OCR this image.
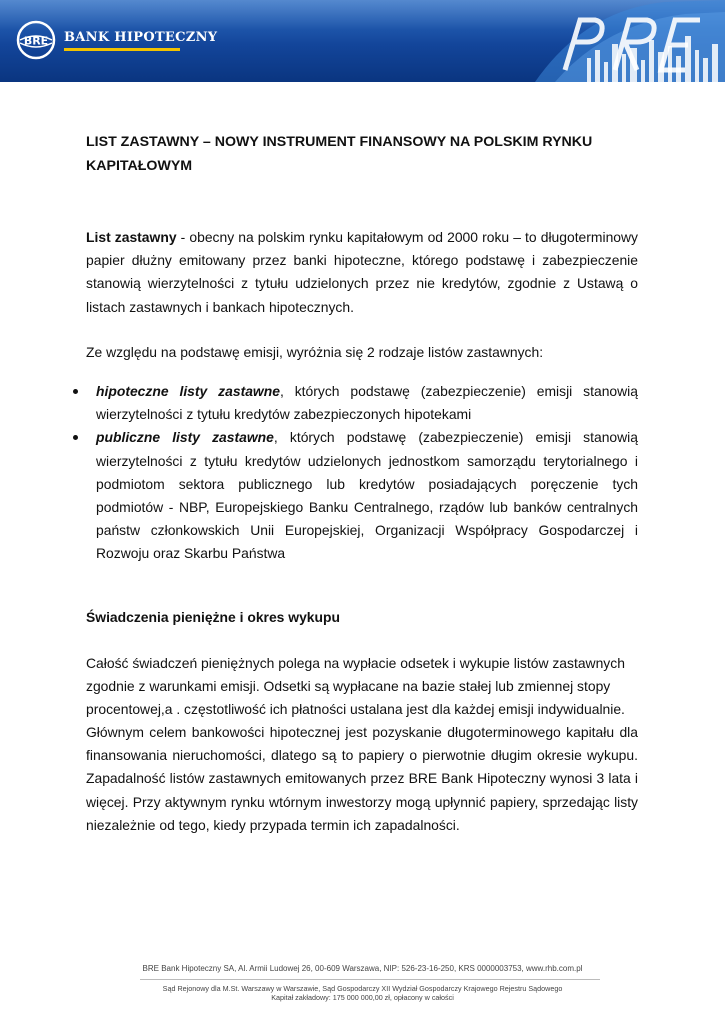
BRE BANK HIPOTECZNY
LIST ZASTAWNY – NOWY INSTRUMENT FINANSOWY NA POLSKIM RYNKU KAPITAŁOWYM
List zastawny - obecny na polskim rynku kapitałowym od 2000 roku – to długoterminowy papier dłużny emitowany przez banki hipoteczne, którego podstawę i zabezpieczenie stanowią wierzytelności z tytułu udzielonych przez nie kredytów, zgodnie z Ustawą o listach zastawnych i bankach hipotecznych.
Ze względu na podstawę emisji, wyróżnia się 2 rodzaje listów zastawnych:
hipoteczne listy zastawne, których podstawę (zabezpieczenie) emisji stanowią wierzytelności z tytułu kredytów zabezpieczonych hipotekami
publiczne listy zastawne, których podstawę (zabezpieczenie) emisji stanowią wierzytelności z tytułu kredytów udzielonych jednostkom samorządu terytorialnego i podmiotom sektora publicznego lub kredytów posiadających poręczenie tych podmiotów - NBP, Europejskiego Banku Centralnego, rządów lub banków centralnych państw członkowskich Unii Europejskiej, Organizacji Współpracy Gospodarczej i Rozwoju oraz Skarbu Państwa
Świadczenia pieniężne i okres wykupu
Całość świadczeń pieniężnych polega na wypłacie odsetek i wykupie listów zastawnych zgodnie z warunkami emisji. Odsetki są wypłacane na bazie stałej lub zmiennej stopy procentowej,a . częstotliwość ich płatności ustalana jest dla każdej emisji indywidualnie.
Głównym celem bankowości hipotecznej jest pozyskanie długoterminowego kapitału dla finansowania nieruchomości, dlatego są to papiery o pierwotnie długim okresie wykupu. Zapadalność listów zastawnych emitowanych przez BRE Bank Hipoteczny wynosi 3 lata i więcej. Przy aktywnym rynku wtórnym inwestorzy mogą upłynnić papiery, sprzedając listy niezależnie od tego, kiedy przypada termin ich zapadalności.
BRE Bank Hipoteczny SA, Al. Armii Ludowej 26, 00-609 Warszawa, NIP: 526-23-16-250, KRS 0000003753, www.rhb.com.pl
Sąd Rejonowy dla M.St. Warszawy w Warszawie, Sąd Gospodarczy XII Wydział Gospodarczy Krajowego Rejestru Sądowego
Kapitał zakładowy: 175 000 000,00 zł, opłacony w całości
